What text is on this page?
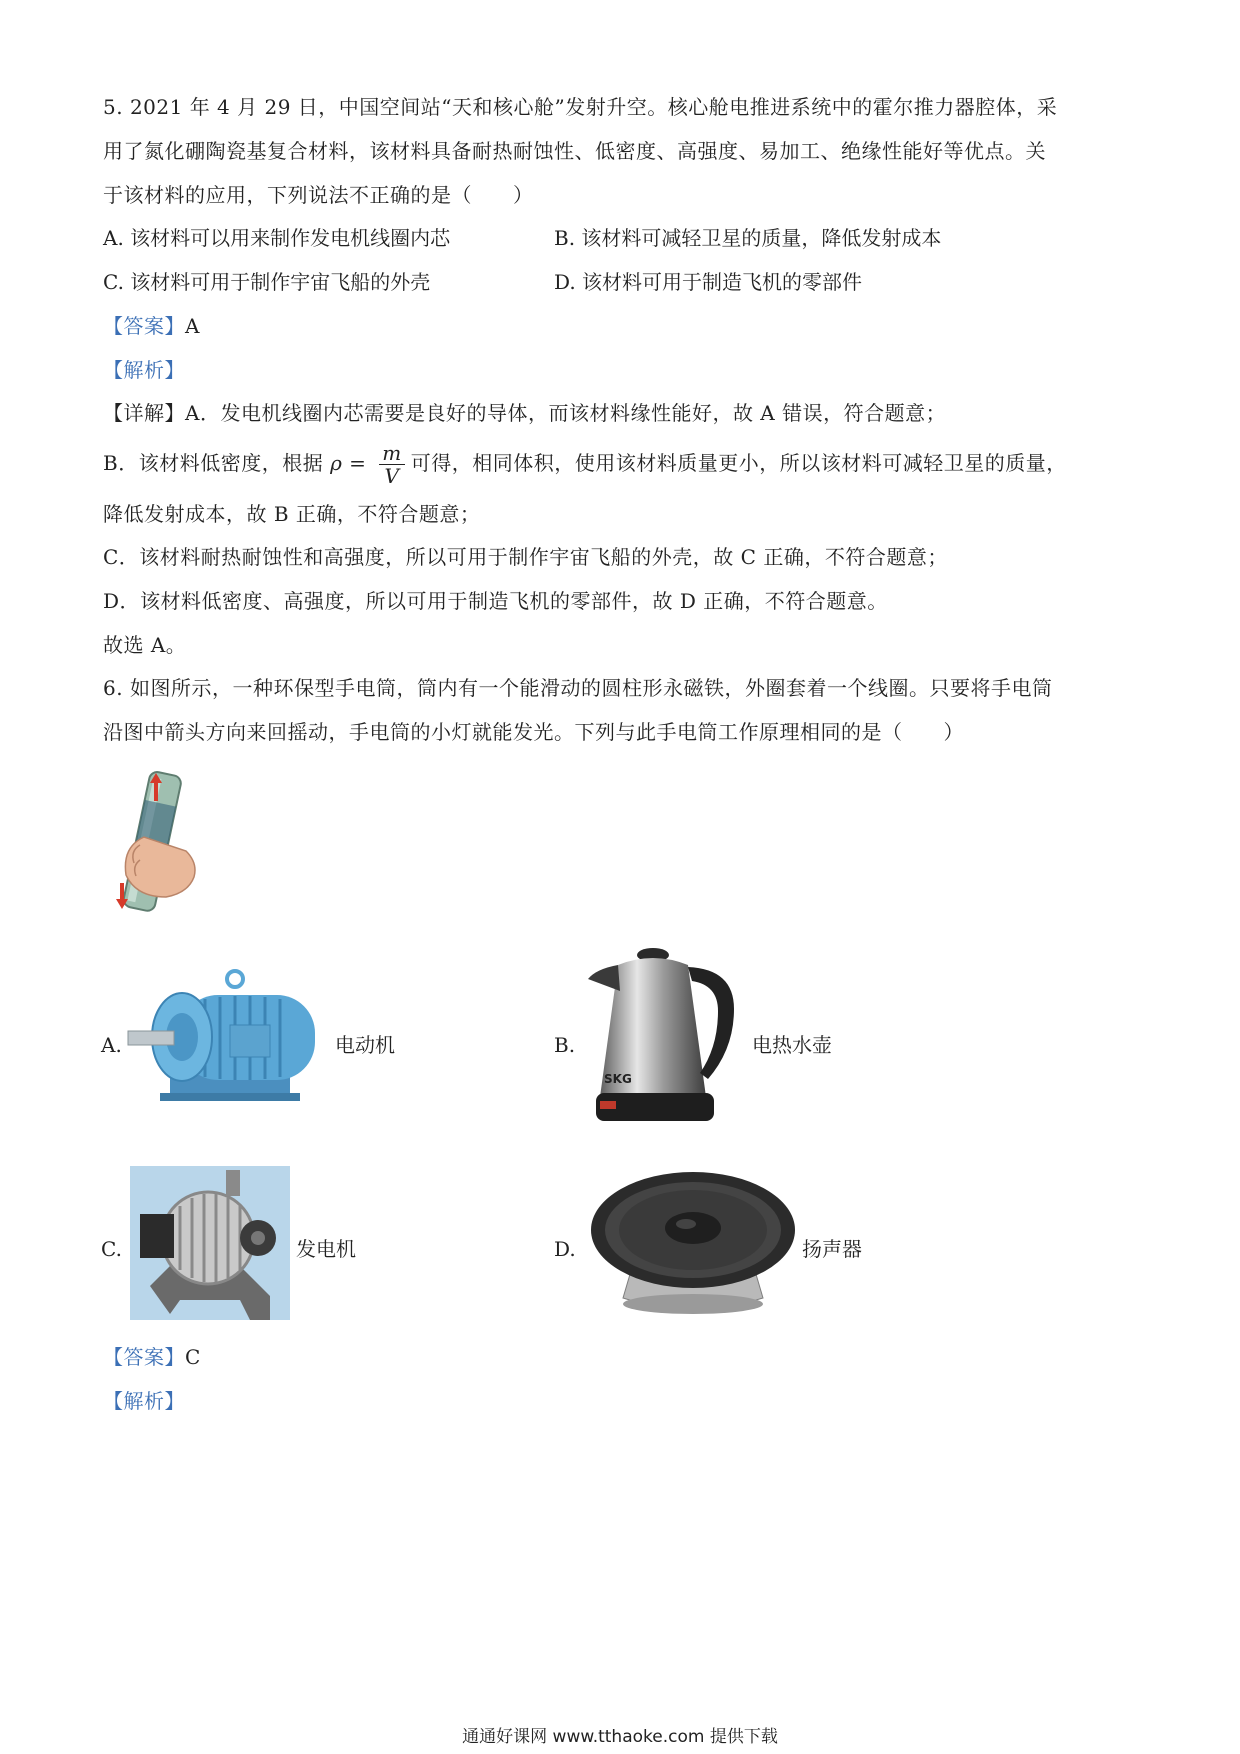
5. 2021 年 4 月 29 日，中国空间站“天和核心舱”发射升空。核心舱电推进系统中的霍尔推力器腔体，采
用了氮化硼陶瓷基复合材料，该材料具备耐热耐蚀性、低密度、高强度、易加工、绝缘性能好等优点。关
于该材料的应用，下列说法不正确的是（　　）
A. 该材料可以用来制作发电机线圈内芯	B. 该材料可减轻卫星的质量，降低发射成本
C. 该材料可用于制作宇宙飞船的外壳	D. 该材料可用于制造飞机的零部件
【答案】A
【解析】
【详解】A．发电机线圈内芯需要是良好的导体，而该材料缘性能好，故 A 错误，符合题意；
B．该材料低密度，根据 $\rho = \frac{m}{V}$ 可得，相同体积，使用该材料质量更小，所以该材料可减轻卫星的质量，
降低发射成本，故 B 正确，不符合题意；
C．该材料耐热耐蚀性和高强度，所以可用于制作宇宙飞船的外壳，故 C 正确，不符合题意；
D．该材料低密度、高强度，所以可用于制造飞机的零部件，故 D 正确，不符合题意。
故选 A。
6. 如图所示，一种环保型手电筒，筒内有一个能滑动的圆柱形永磁铁，外圈套着一个线圈。只要将手电筒
沿图中箭头方向来回摇动，手电筒的小灯就能发光。下列与此手电筒工作原理相同的是（　　）
A.	电动机	B.
SKG
电热水壶
C.	发电机	D.	扬声器
【答案】C
【解析】
通通好课网 www.tthaoke.com 提供下载
